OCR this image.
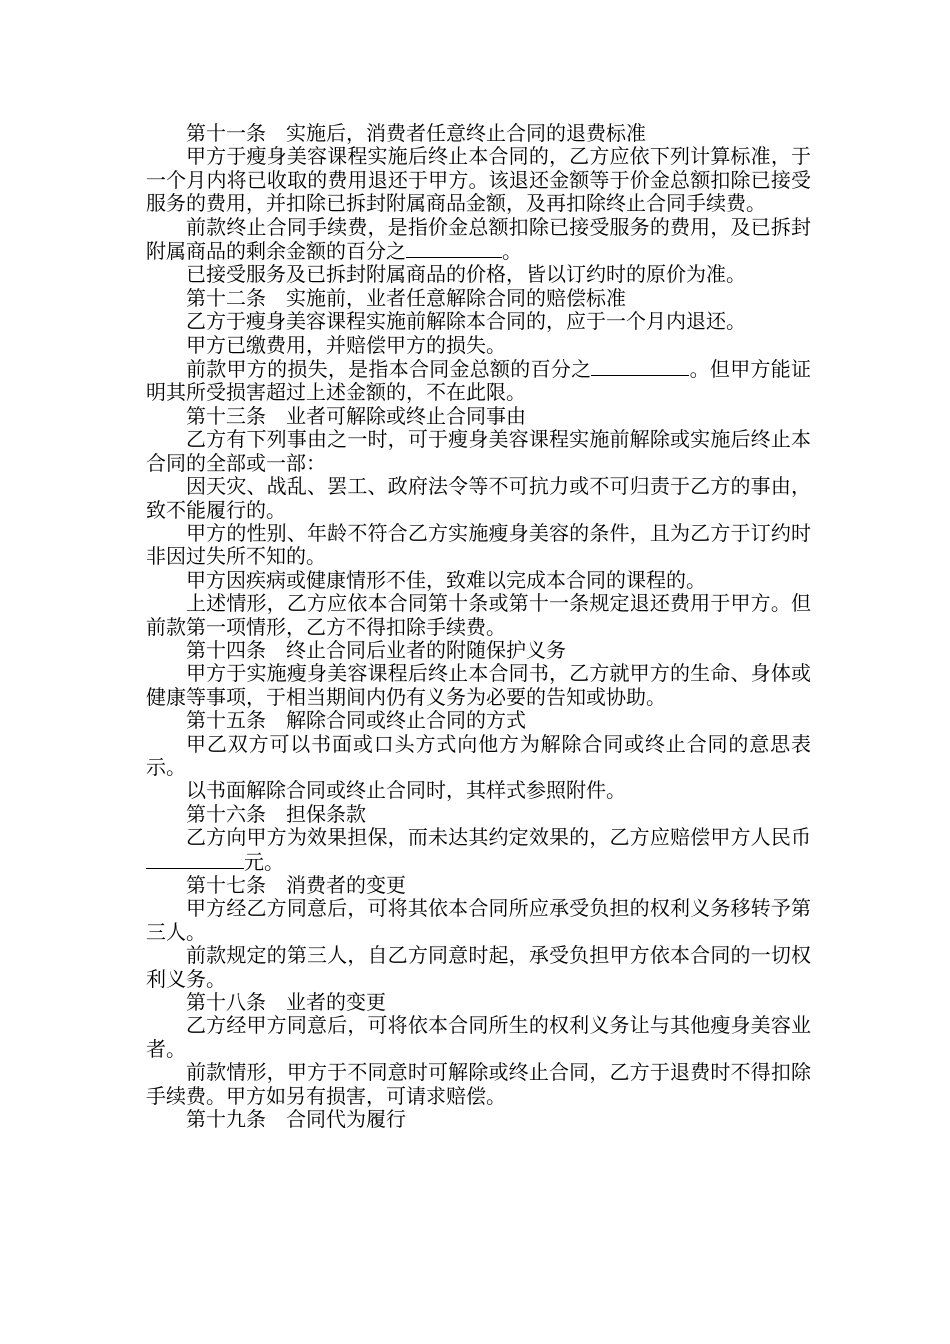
第十一条　实施后，消费者任意终止合同的退费标准

甲方于瘦身美容课程实施后终止本合同的，乙方应依下列计算标准，于一个月内将已收取的费用退还于甲方。该退还金额等于价金总额扣除已接受服务的费用，并扣除已拆封附属商品金额，及再扣除终止合同手续费。

前款终止合同手续费，是指价金总额扣除已接受服务的费用，及已拆封附属商品的剩余金额的百分之	。

已接受服务及已拆封附属商品的价格，皆以订约时的原价为准。

第十二条　实施前，业者任意解除合同的赔偿标准

乙方于瘦身美容课程实施前解除本合同的，应于一个月内退还。

甲方已缴费用，并赔偿甲方的损失。

前款甲方的损失，是指本合同金总额的百分之	。但甲方能证明其所受损害超过上述金额的，不在此限。

第十三条　业者可解除或终止合同事由

乙方有下列事由之一时，可于瘦身美容课程实施前解除或实施后终止本合同的全部或一部：

因天灾、战乱、罢工、政府法令等不可抗力或不可归责于乙方的事由，致不能履行的。

甲方的性别、年龄不符合乙方实施瘦身美容的条件，且为乙方于订约时非因过失所不知的。

甲方因疾病或健康情形不佳，致难以完成本合同的课程的。

上述情形，乙方应依本合同第十条或第十一条规定退还费用于甲方。但前款第一项情形，乙方不得扣除手续费。

第十四条　终止合同后业者的附随保护义务

甲方于实施瘦身美容课程后终止本合同书，乙方就甲方的生命、身体或健康等事项，于相当期间内仍有义务为必要的告知或协助。

第十五条　解除合同或终止合同的方式

甲乙双方可以书面或口头方式向他方为解除合同或终止合同的意思表示。

以书面解除合同或终止合同时，其样式参照附件。

第十六条　担保条款

乙方向甲方为效果担保，而未达其约定效果的，乙方应赔偿甲方人民币元。

第十七条　消费者的变更

甲方经乙方同意后，可将其依本合同所应承受负担的权利义务移转予第三人。

前款规定的第三人，自乙方同意时起，承受负担甲方依本合同的一切权利义务。

第十八条　业者的变更

乙方经甲方同意后，可将依本合同所生的权利义务让与其他瘦身美容业者。

前款情形，甲方于不同意时可解除或终止合同，乙方于退费时不得扣除手续费。甲方如另有损害，可请求赔偿。

第十九条　合同代为履行
